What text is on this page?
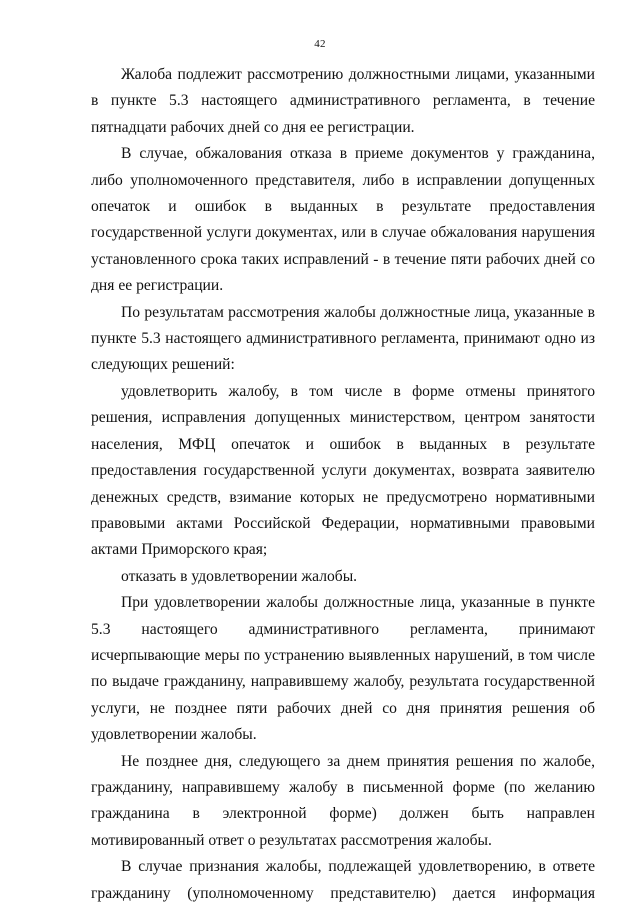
42

Жалоба подлежит рассмотрению должностными лицами, указанными в пункте 5.3 настоящего административного регламента, в течение пятнадцати рабочих дней со дня ее регистрации.

В случае, обжалования отказа в приеме документов у гражданина, либо уполномоченного представителя, либо в исправлении допущенных опечаток и ошибок в выданных в результате предоставления государственной услуги документах, или в случае обжалования нарушения установленного срока таких исправлений - в течение пяти рабочих дней со дня ее регистрации.

По результатам рассмотрения жалобы должностные лица, указанные в пункте 5.3 настоящего административного регламента, принимают одно из следующих решений:

удовлетворить жалобу, в том числе в форме отмены принятого решения, исправления допущенных министерством, центром занятости населения, МФЦ опечаток и ошибок в выданных в результате предоставления государственной услуги документах, возврата заявителю денежных средств, взимание которых не предусмотрено нормативными правовыми актами Российской Федерации, нормативными правовыми актами Приморского края;

отказать в удовлетворении жалобы.

При удовлетворении жалобы должностные лица, указанные в пункте 5.3 настоящего административного регламента, принимают исчерпывающие меры по устранению выявленных нарушений, в том числе по выдаче гражданину, направившему жалобу, результата государственной услуги, не позднее пяти рабочих дней со дня принятия решения об удовлетворении жалобы.

Не позднее дня, следующего за днем принятия решения по жалобе, гражданину, направившему жалобу в письменной форме (по желанию гражданина в электронной форме) должен быть направлен мотивированный ответ о результатах рассмотрения жалобы.

В случае признания жалобы, подлежащей удовлетворению, в ответе гражданину (уполномоченному представителю) дается информация
